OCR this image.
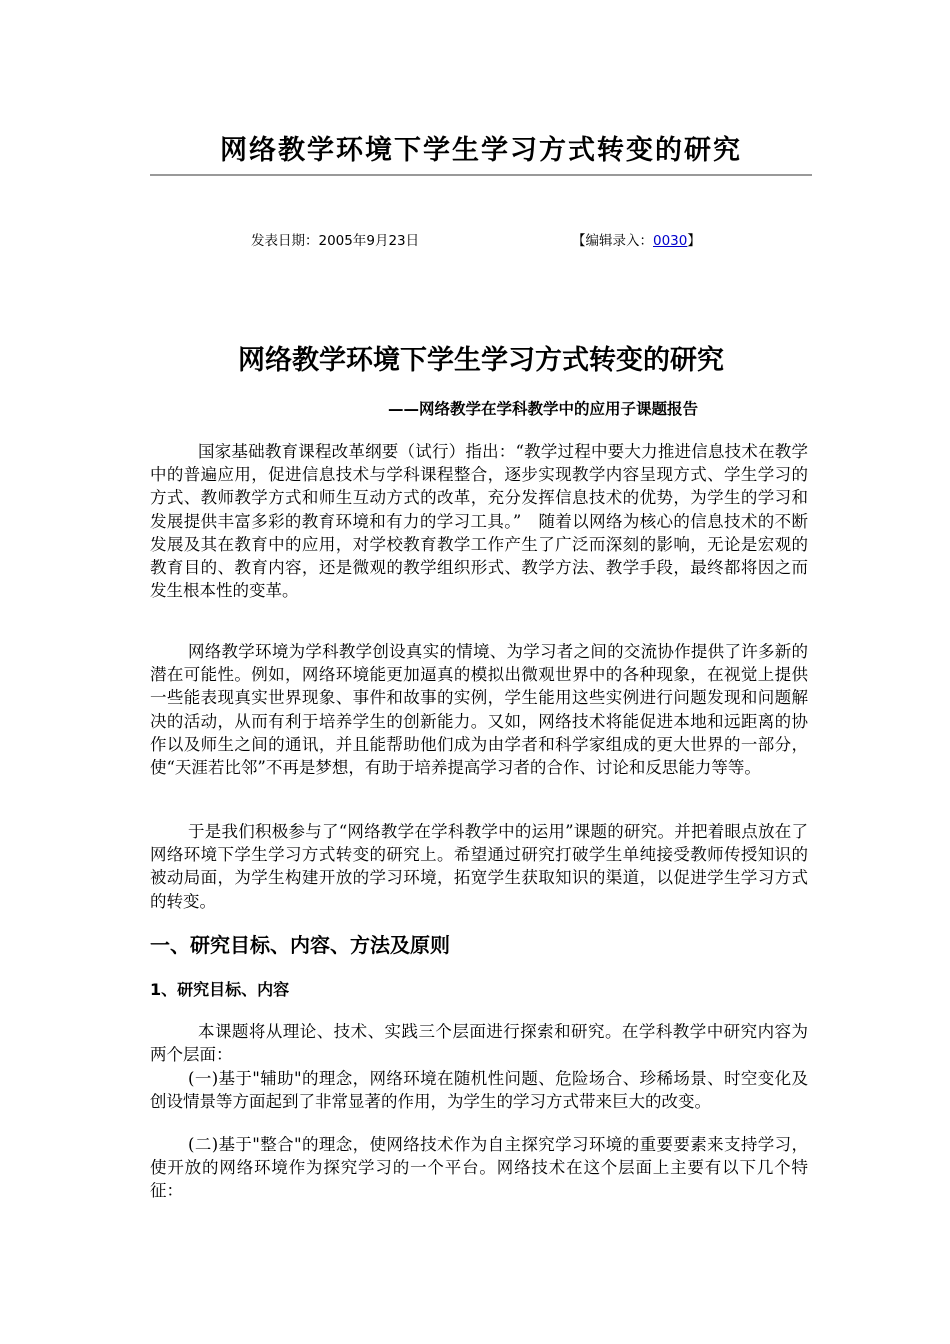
网络教学环境下学生学习方式转变的研究
发表日期：2005年9月23日	【编辑录入：0030】
网络教学环境下学生学习方式转变的研究
——网络教学在学科教学中的应用子课题报告

国家基础教育课程改革纲要（试行）指出：“教学过程中要大力推进信息技术在教学中的普遍应用，促进信息技术与学科课程整合，逐步实现教学内容呈现方式、学生学习的方式、教师教学方式和师生互动方式的改革，充分发挥信息技术的优势，为学生的学习和发展提供丰富多彩的教育环境和有力的学习工具。”　随着以网络为核心的信息技术的不断发展及其在教育中的应用，对学校教育教学工作产生了广泛而深刻的影响，无论是宏观的教育目的、教育内容，还是微观的教学组织形式、教学方法、教学手段，最终都将因之而发生根本性的变革。

网络教学环境为学科教学创设真实的情境、为学习者之间的交流协作提供了许多新的潜在可能性。例如，网络环境能更加逼真的模拟出微观世界中的各种现象，在视觉上提供一些能表现真实世界现象、事件和故事的实例，学生能用这些实例进行问题发现和问题解决的活动，从而有利于培养学生的创新能力。又如，网络技术将能促进本地和远距离的协作以及师生之间的通讯，并且能帮助他们成为由学者和科学家组成的更大世界的一部分，使“天涯若比邻”不再是梦想，有助于培养提高学习者的合作、讨论和反思能力等等。

于是我们积极参与了“网络教学在学科教学中的运用”课题的研究。并把着眼点放在了网络环境下学生学习方式转变的研究上。希望通过研究打破学生单纯接受教师传授知识的被动局面，为学生构建开放的学习环境，拓宽学生获取知识的渠道，以促进学生学习方式的转变。

一、研究目标、内容、方法及原则
1、研究目标、内容

本课题将从理论、技术、实践三个层面进行探索和研究。在学科教学中研究内容为两个层面：

(一)基于"辅助"的理念，网络环境在随机性问题、危险场合、珍稀场景、时空变化及创设情景等方面起到了非常显著的作用，为学生的学习方式带来巨大的改变。

(二)基于"整合"的理念，使网络技术作为自主探究学习环境的重要要素来支持学习，使开放的网络环境作为探究学习的一个平台。网络技术在这个层面上主要有以下几个特征：
